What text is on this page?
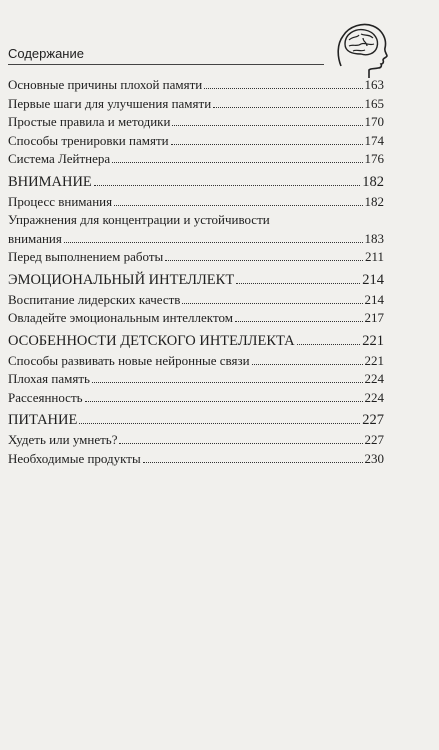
Содержание
Основные причины плохой памяти	163
Первые шаги для улучшения памяти	165
Простые правила и методики	170
Способы тренировки памяти	174
Система Лейтнера	176
ВНИМАНИЕ	182
Процесс внимания	182
Упражнения для концентрации и устойчивости
внимания	183
Перед выполнением работы	211
ЭМОЦИОНАЛЬНЫЙ ИНТЕЛЛЕКТ	214
Воспитание лидерских качеств	214
Овладейте эмоциональным интеллектом	217
ОСОБЕННОСТИ ДЕТСКОГО ИНТЕЛЛЕКТА	221
Способы развивать новые нейронные связи	221
Плохая память	224
Рассеянность	224
ПИТАНИЕ	227
Худеть или умнеть?	227
Необходимые продукты	230
